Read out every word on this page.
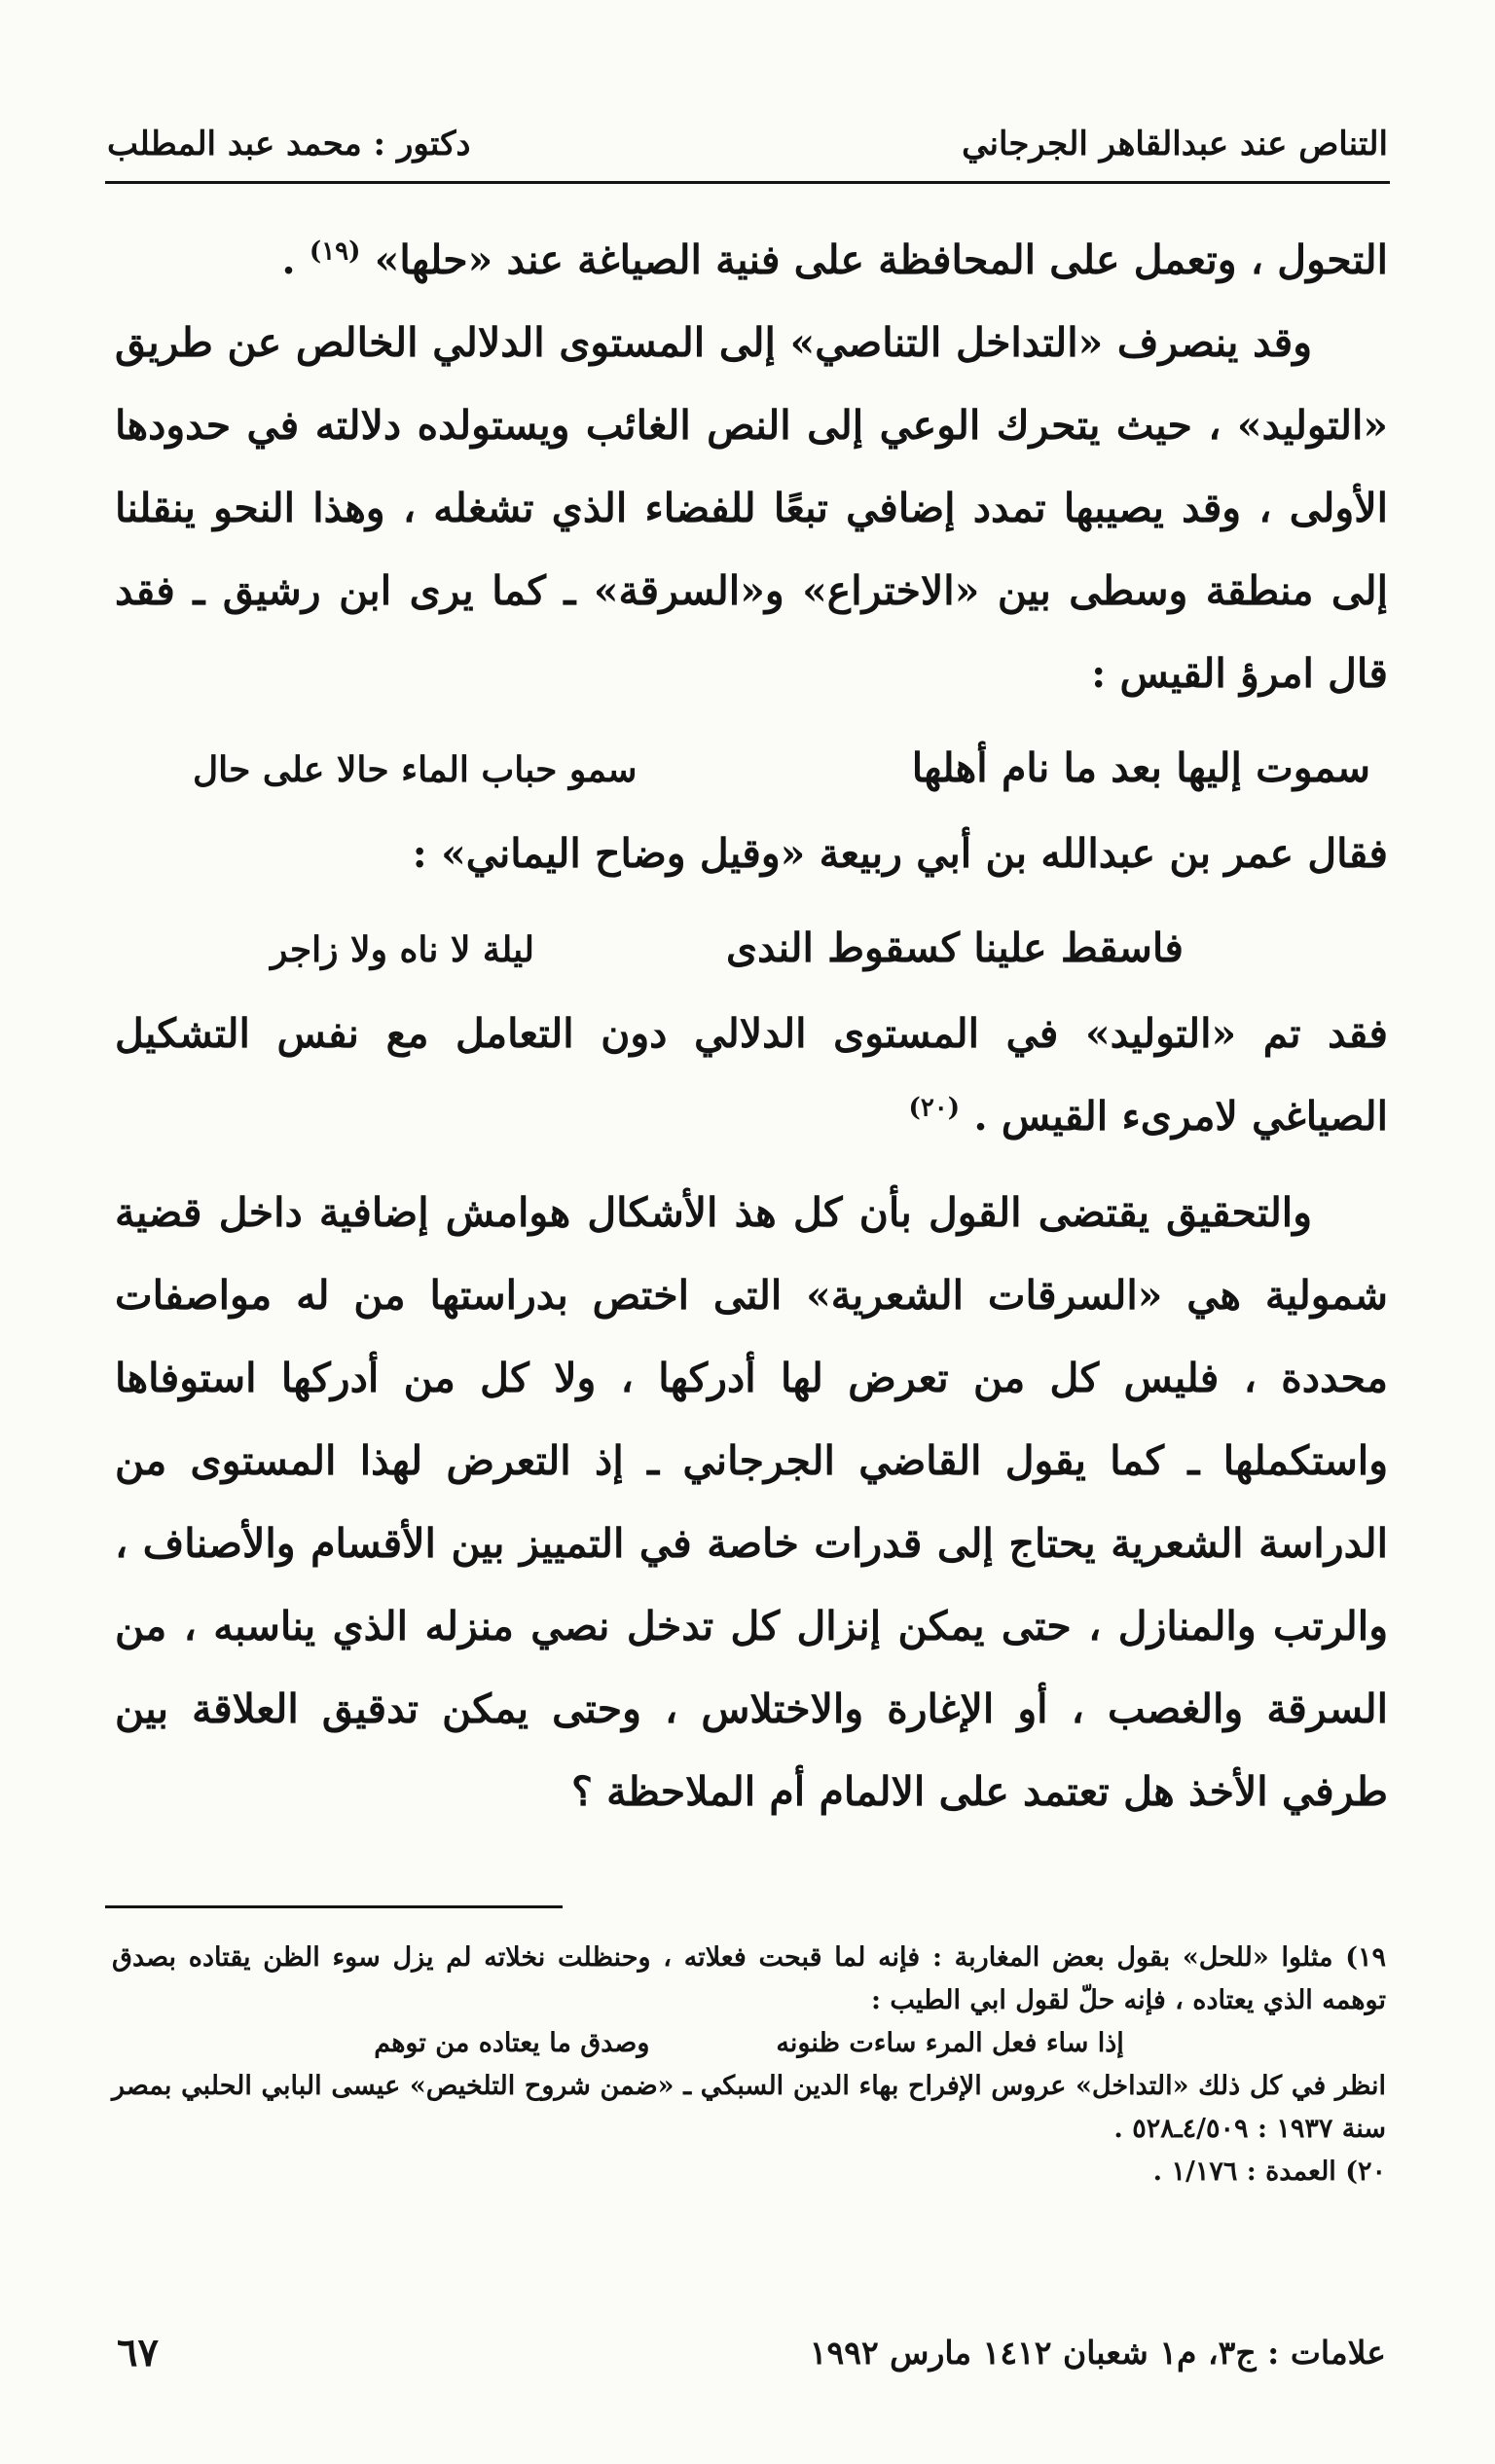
التناص عند عبدالقاهر الجرجاني
دكتور : محمد عبد المطلب

التحول ، وتعمل على المحافظة على فنية الصياغة عند «حلها» $^{(١٩)}$ .

وقد ينصرف «التداخل التناصي» إلى المستوى الدلالي الخالص عن طريق «التوليد» ، حيث يتحرك الوعي إلى النص الغائب ويستولده دلالته في حدودها الأولى ، وقد يصيبها تمدد إضافي تبعًا للفضاء الذي تشغله ، وهذا النحو ينقلنا إلى منطقة وسطى بين «الاختراع» و«السرقة» ـ كما يرى ابن رشيق ـ فقد قال امرؤ القيس :

سموت إليها بعد ما نام أهلها
سمو حباب الماء حالا على حال

فقال عمر بن عبدالله بن أبي ربيعة «وقيل وضاح اليماني» :

فاسقط علينا كسقوط الندى
ليلة لا ناه ولا زاجر

فقد تم «التوليد» في المستوى الدلالي دون التعامل مع نفس التشكيل الصياغي لامرىء القيس . $^{(٢٠)}$

والتحقيق يقتضى القول بأن كل هذ الأشكال هوامش إضافية داخل قضية شمولية هي «السرقات الشعرية» التى اختص بدراستها من له مواصفات محددة ، فليس كل من تعرض لها أدركها ، ولا كل من أدركها استوفاها واستكملها ـ كما يقول القاضي الجرجاني ـ إذ التعرض لهذا المستوى من الدراسة الشعرية يحتاج إلى قدرات خاصة في التمييز بين الأقسام والأصناف ، والرتب والمنازل ، حتى يمكن إنزال كل تدخل نصي منزله الذي يناسبه ، من السرقة والغصب ، أو الإغارة والاختلاس ، وحتى يمكن تدقيق العلاقة بين طرفي الأخذ هل تعتمد على الالمام أم الملاحظة ؟

١٩) مثلوا «للحل» بقول بعض المغاربة : فإنه لما قبحت فعلاته ، وحنظلت نخلاته لم يزل سوء الظن يقتاده بصدق توهمه الذي يعتاده ، فإنه حلّ لقول ابي الطيب :

إذا ساء فعل المرء ساءت ظنونه
وصدق ما يعتاده من توهم

انظر في كل ذلك «التداخل» عروس الإفراح بهاء الدين السبكي ـ «ضمن شروح التلخيص» عيسى البابي الحلبي بمصر سنة ١٩٣٧ : ٤/٥٠٩ـ٥٢٨ .

٢٠) العمدة : ١/١٧٦ .

علامات : ج٣، م١ شعبان ١٤١٢ مارس ١٩٩٢
٦٧
